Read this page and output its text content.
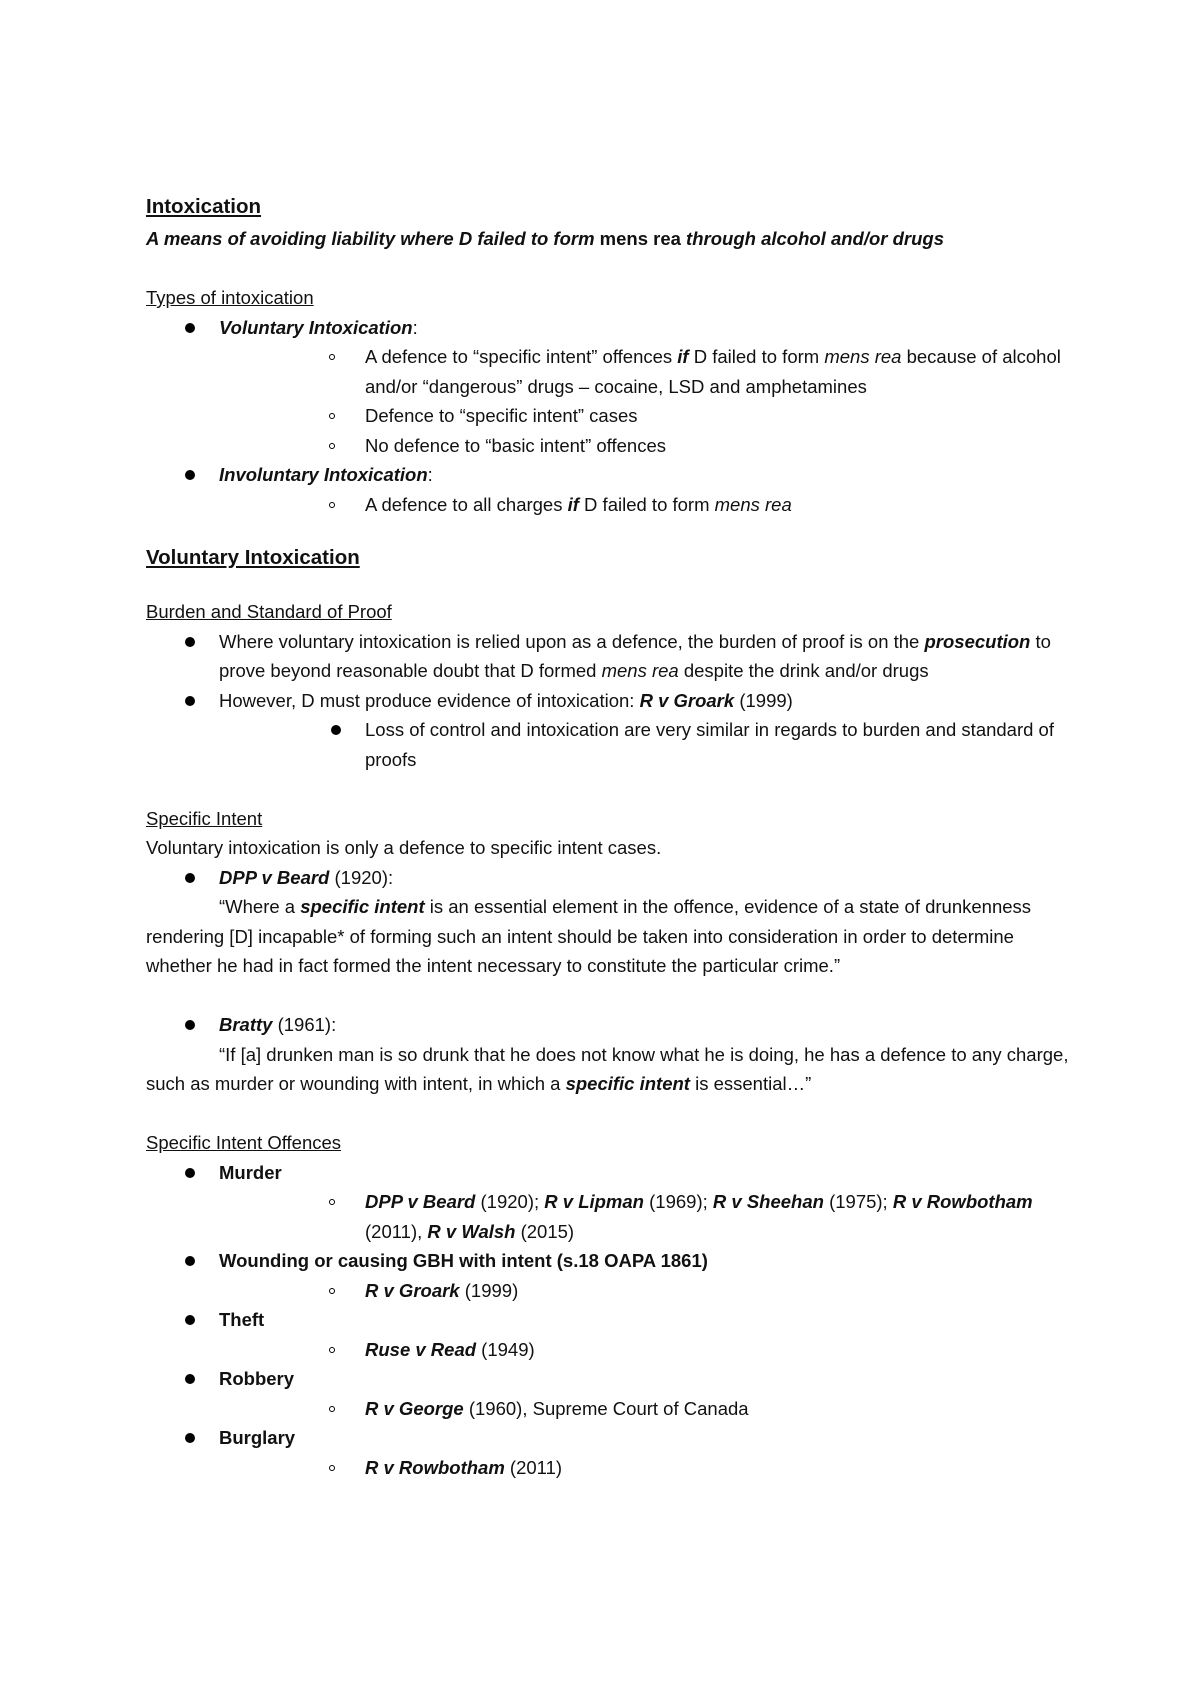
Intoxication
A means of avoiding liability where D failed to form mens rea through alcohol and/or drugs
Types of intoxication
Voluntary Intoxication:
A defence to “specific intent” offences if D failed to form mens rea because of alcohol and/or “dangerous” drugs – cocaine, LSD and amphetamines
Defence to “specific intent” cases
No defence to “basic intent” offences
Involuntary Intoxication:
A defence to all charges if D failed to form mens rea
Voluntary Intoxication
Burden and Standard of Proof
Where voluntary intoxication is relied upon as a defence, the burden of proof is on the prosecution to prove beyond reasonable doubt that D formed mens rea despite the drink and/or drugs
However, D must produce evidence of intoxication: R v Groark (1999)
Loss of control and intoxication are very similar in regards to burden and standard of proofs
Specific Intent
Voluntary intoxication is only a defence to specific intent cases.
DPP v Beard (1920):
“Where a specific intent is an essential element in the offence, evidence of a state of drunkenness rendering [D] incapable* of forming such an intent should be taken into consideration in order to determine whether he had in fact formed the intent necessary to constitute the particular crime.”
Bratty (1961):
“If [a] drunken man is so drunk that he does not know what he is doing, he has a defence to any charge, such as murder or wounding with intent, in which a specific intent is essential…”
Specific Intent Offences
Murder
DPP v Beard (1920); R v Lipman (1969); R v Sheehan (1975); R v Rowbotham (2011), R v Walsh (2015)
Wounding or causing GBH with intent (s.18 OAPA 1861)
R v Groark (1999)
Theft
Ruse v Read (1949)
Robbery
R v George (1960), Supreme Court of Canada
Burglary
R v Rowbotham (2011)
